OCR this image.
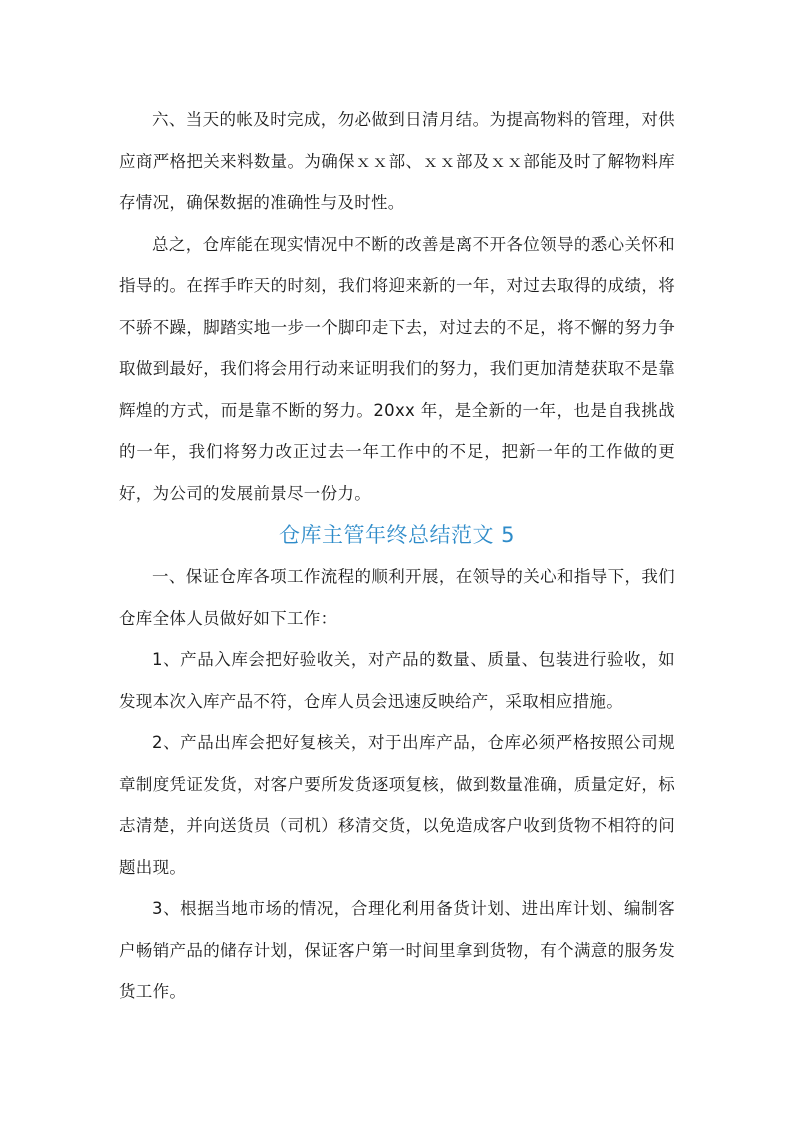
六、当天的帐及时完成，勿必做到日清月结。为提高物料的管理，对供应商严格把关来料数量。为确保ｘｘ部、ｘｘ部及ｘｘ部能及时了解物料库存情况，确保数据的准确性与及时性。

总之，仓库能在现实情况中不断的改善是离不开各位领导的悉心关怀和指导的。在挥手昨天的时刻，我们将迎来新的一年，对过去取得的成绩，将不骄不躁，脚踏实地一步一个脚印走下去，对过去的不足，将不懈的努力争取做到最好，我们将会用行动来证明我们的努力，我们更加清楚获取不是靠辉煌的方式，而是靠不断的努力。20xx 年，是全新的一年，也是自我挑战的一年，我们将努力改正过去一年工作中的不足，把新一年的工作做的更好，为公司的发展前景尽一份力。

仓库主管年终总结范文 5

一、保证仓库各项工作流程的顺利开展，在领导的关心和指导下，我们仓库全体人员做好如下工作：

1、产品入库会把好验收关，对产品的数量、质量、包装进行验收，如发现本次入库产品不符，仓库人员会迅速反映给产，采取相应措施。

2、产品出库会把好复核关，对于出库产品，仓库必须严格按照公司规章制度凭证发货，对客户要所发货逐项复核，做到数量准确，质量定好，标志清楚，并向送货员（司机）移清交货，以免造成客户收到货物不相符的问题出现。

3、根据当地市场的情况，合理化利用备货计划、进出库计划、编制客户畅销产品的储存计划，保证客户第一时间里拿到货物，有个满意的服务发货工作。
